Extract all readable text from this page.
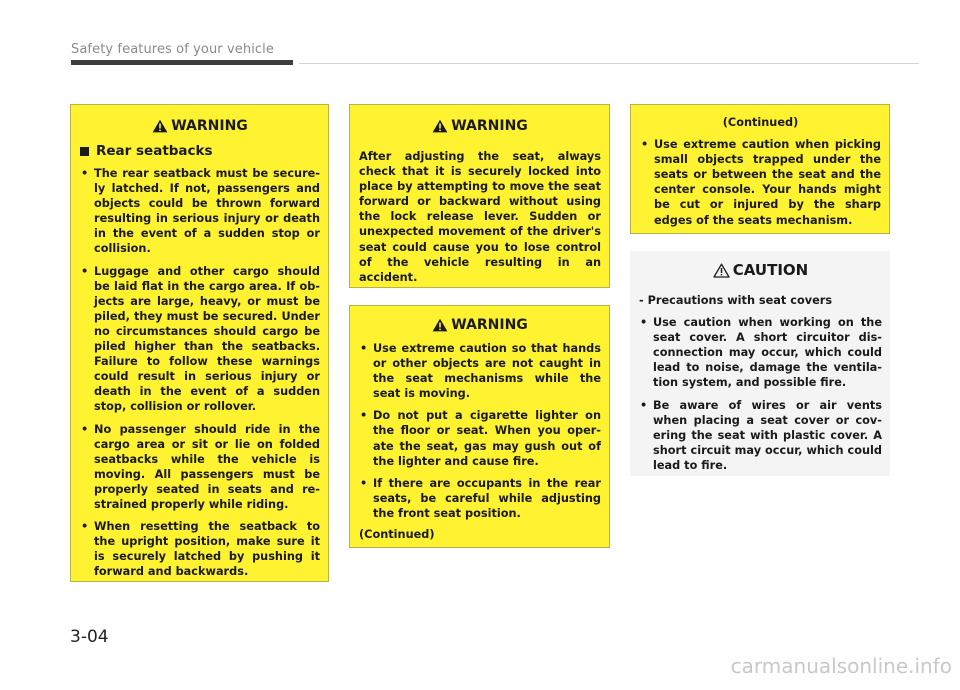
Safety features of your vehicle
WARNING
Rear seatbacks
• The rear seatback must be secure-ly latched. If not, passengers and objects could be thrown forward resulting in serious injury or death in the event of a sudden stop or collision.
• Luggage and other cargo should be laid flat in the cargo area. If ob-jects are large, heavy, or must be piled, they must be secured. Under no circumstances should cargo be piled higher than the seatbacks. Failure to follow these warnings could result in serious injury or death in the event of a sudden stop, collision or rollover.
• No passenger should ride in the cargo area or sit or lie on folded seatbacks while the vehicle is moving. All passengers must be properly seated in seats and re-strained properly while riding.
• When resetting the seatback to the upright position, make sure it is securely latched by pushing it forward and backwards.
WARNING
After adjusting the seat, always check that it is securely locked into place by attempting to move the seat forward or backward without using the lock release lever. Sudden or unexpected movement of the driver's seat could cause you to lose control of the vehicle resulting in an accident.
WARNING
• Use extreme caution so that hands or other objects are not caught in the seat mechanisms while the seat is moving.
• Do not put a cigarette lighter on the floor or seat. When you oper-ate the seat, gas may gush out of the lighter and cause fire.
• If there are occupants in the rear seats, be careful while adjusting the front seat position.
(Continued)
(Continued)
• Use extreme caution when picking small objects trapped under the seats or between the seat and the center console. Your hands might be cut or injured by the sharp edges of the seats mechanism.
CAUTION
- Precautions with seat covers
• Use caution when working on the seat cover. A short circuitor dis-connection may occur, which could lead to noise, damage the ventila-tion system, and possible fire.
• Be aware of wires or air vents when placing a seat cover or cov-ering the seat with plastic cover. A short circuit may occur, which could lead to fire.
3-04
carmanualsonline.info
